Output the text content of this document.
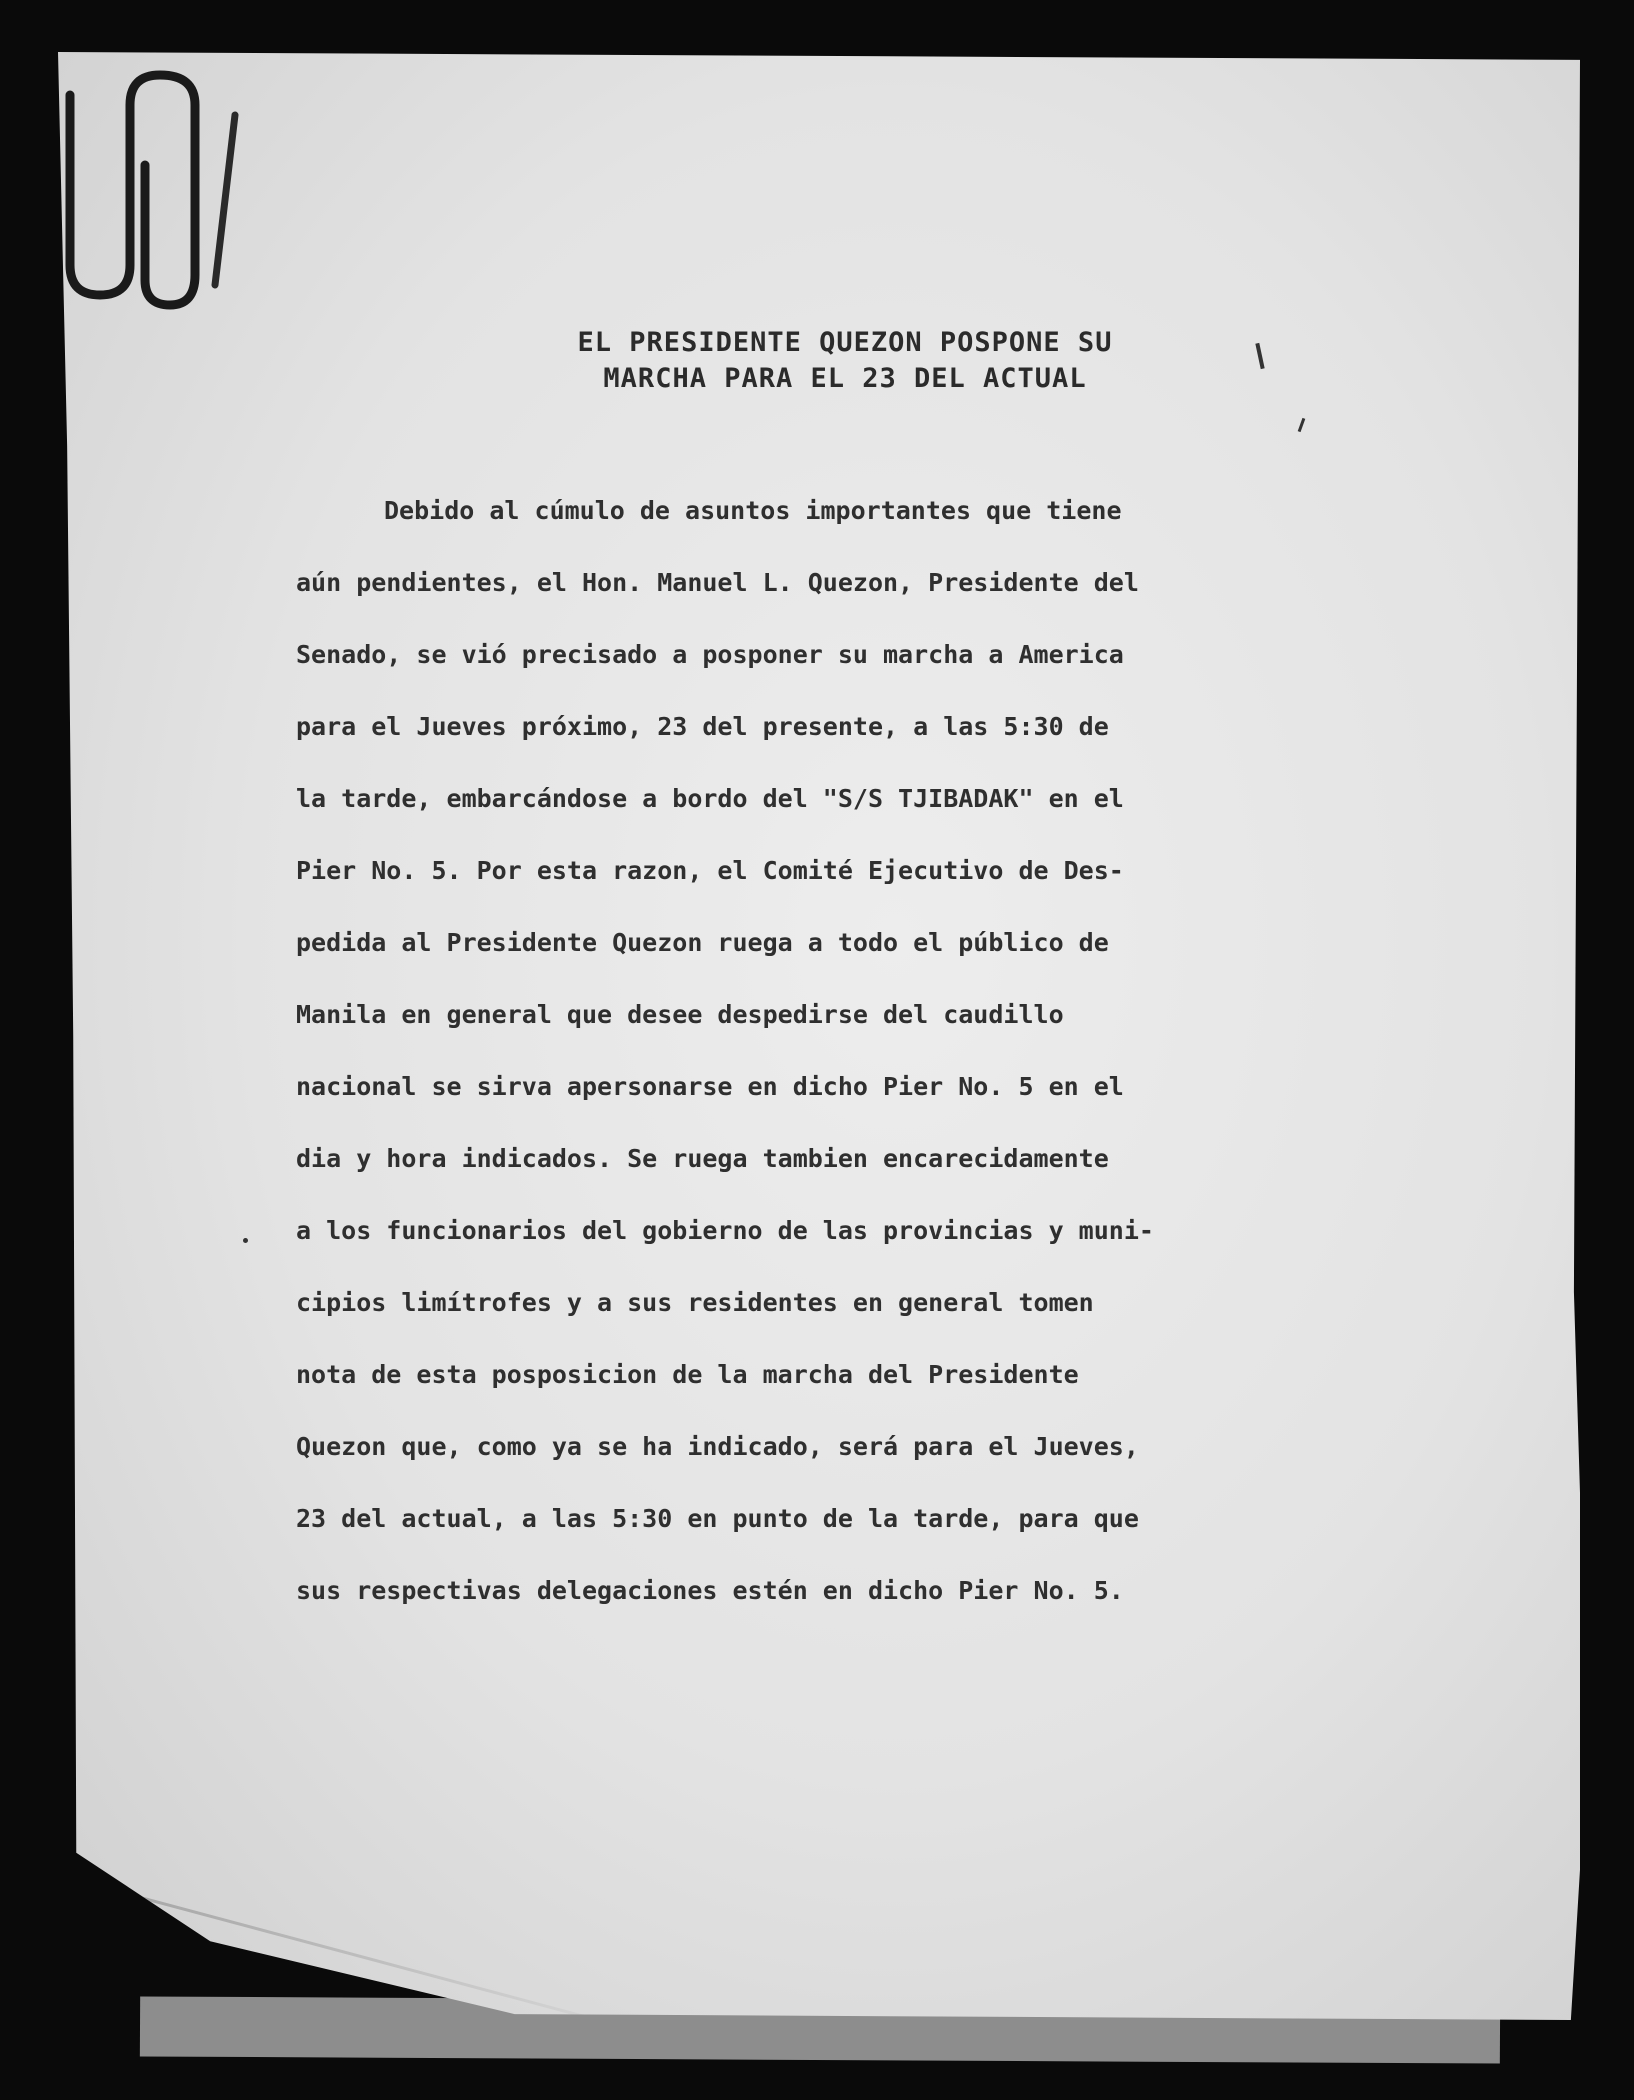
EL PRESIDENTE QUEZON POSPONE SU
MARCHA PARA EL 23 DEL ACTUAL
Debido al cúmulo de asuntos importantes que tiene
aún pendientes, el Hon. Manuel L. Quezon, Presidente del
Senado, se vió precisado a posponer su marcha a America
para el Jueves próximo, 23 del presente, a las 5:30 de
la tarde, embarcándose a bordo del "S/S TJIBADAK" en el
Pier No. 5. Por esta razon, el Comité Ejecutivo de Des-
pedida al Presidente Quezon ruega a todo el público de
Manila en general que desee despedirse del caudillo
nacional se sirva apersonarse en dicho Pier No. 5 en el
dia y hora indicados. Se ruega tambien encarecidamente
a los funcionarios del gobierno de las provincias y muni-
cipios limítrofes y a sus residentes en general tomen
nota de esta posposicion de la marcha del Presidente
Quezon que, como ya se ha indicado, será para el Jueves,
23 del actual, a las 5:30 en punto de la tarde, para que
sus respectivas delegaciones estén en dicho Pier No. 5.
